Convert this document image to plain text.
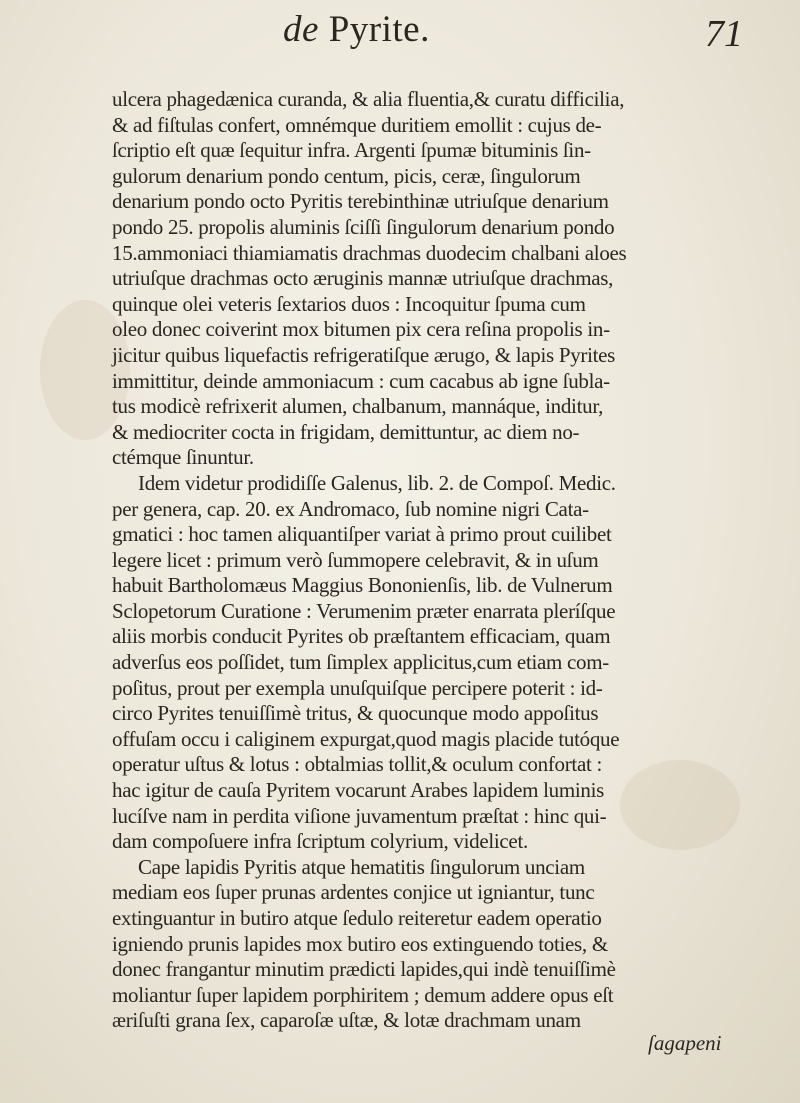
de Pyrite.	71
ulcera phagedænica curanda, & alia fluentia,& curatu difficilia,
& ad fiſtulas confert, omnémque duritiem emollit : cujus de-
ſcriptio eſt quæ ſequitur infra. Argenti ſpumæ bituminis ſin-
gulorum denarium pondo centum, picis, ceræ, ſingulorum
denarium pondo octo Pyritis terebinthinæ utriuſque denarium
pondo 25. propolis aluminis ſciſſi ſingulorum denarium pondo
15.ammoniaci thiamiamatis drachmas duodecim chalbani aloes
utriuſque drachmas octo æruginis mannæ utriuſque drachmas,
quinque olei veteris ſextarios duos : Incoquitur ſpuma cum
oleo donec coiverint mox bitumen pix cera reſina propolis in-
jicitur quibus liquefactis refrigeratiſque ærugo, & lapis Pyrites
immittitur, deinde ammoniacum : cum cacabus ab igne ſubla-
tus modicè refrixerit alumen, chalbanum, mannáque, inditur,
& mediocriter cocta in frigidam, demittuntur, ac diem no-
ctémque ſinuntur.
Idem videtur prodidiſſe Galenus, lib. 2. de Compoſ. Medic.
per genera, cap. 20. ex Andromaco, ſub nomine nigri Cata-
gmatici : hoc tamen aliquantiſper variat à primo prout cuilibet
legere licet : primum verò ſummopere celebravit, & in uſum
habuit Bartholomæus Maggius Bononienſis, lib. de Vulnerum
Sclopetorum Curatione : Verumenim præter enarrata pleríſque
aliis morbis conducit Pyrites ob præſtantem efficaciam, quam
adverſus eos poſſidet, tum ſimplex applicitus,cum etiam com-
poſitus, prout per exempla unuſquiſque percipere poterit : id-
circo Pyrites tenuiſſimè tritus, & quocunque modo appoſitus
offuſam occu i caliginem expurgat,quod magis placide tutóque
operatur uſtus & lotus : obtalmias tollit,& oculum confortat :
hac igitur de cauſa Pyritem vocarunt Arabes lapidem luminis
lucíſve nam in perdita viſione juvamentum præſtat : hinc qui-
dam compoſuere infra ſcriptum colyrium, videlicet.
Cape lapidis Pyritis atque hematitis ſingulorum unciam
mediam eos ſuper prunas ardentes conjice ut igniantur, tunc
extinguantur in butiro atque ſedulo reiteretur eadem operatio
igniendo prunis lapides mox butiro eos extinguendo toties, &
donec frangantur minutim prædicti lapides,qui indè tenuiſſimè
moliantur ſuper lapidem porphiritem ; demum addere opus eſt
æriſuſti grana ſex, caparoſæ uſtæ, & lotæ drachmam unam
ſagapeni
